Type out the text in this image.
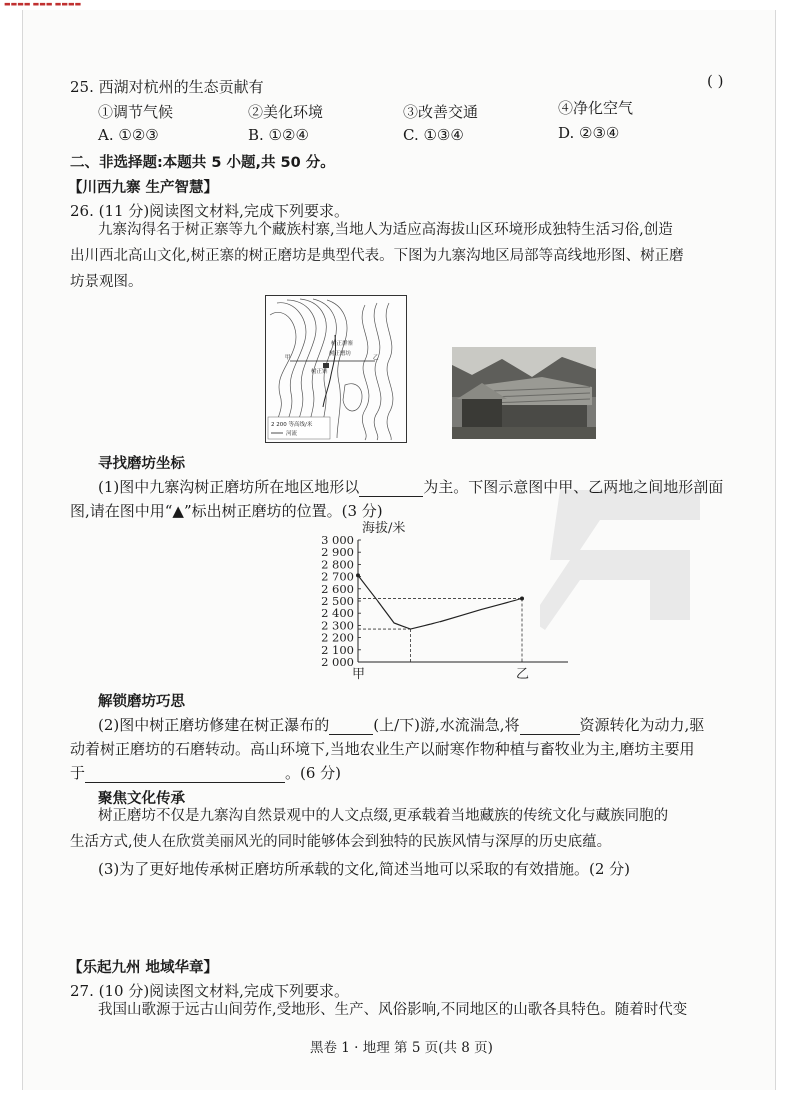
▬▬▬▬ ▬▬▬ ▬▬▬▬
25. 西湖对杭州的生态贡献有	( )
①调节气候	②美化环境	③改善交通	④净化空气
A. ①②③	B. ①②④	C. ①③④	D. ②③④
二、非选择题:本题共 5 小题,共 50 分。
【川西九寨 生产智慧】
26. (11 分)阅读图文材料,完成下列要求。
九寨沟得名于树正寨等九个藏族村寨,当地人为适应高海拔山区环境形成独特生活习俗,创造
出川西北高山文化,树正寨的树正磨坊是典型代表。下图为九寨沟地区局部等高线地形图、树正磨
坊景观图。
树正群寨
树正磨坊
树正寨
甲	乙
2 200 等高线/米
河流
寻找磨坊坐标
(1)图中九寨沟树正磨坊所在地区地形以	为主。下图示意图中甲、乙两地之间地形剖面
图,请在图中用“▲”标出树正磨坊的位置。(3 分)
3 000
2 900
2 800
2 700
2 600
2 500
2 400
2 300
2 200
2 100
2 000
海拔/米
甲	乙
解锁磨坊巧思
(2)图中树正磨坊修建在树正瀑布的	(上/下)游,水流湍急,将	资源转化为动力,驱
动着树正磨坊的石磨转动。高山环境下,当地农业生产以耐寒作物种植与畜牧业为主,磨坊主要用
于	。(6 分)
聚焦文化传承
树正磨坊不仅是九寨沟自然景观中的人文点缀,更承载着当地藏族的传统文化与藏族同胞的
生活方式,使人在欣赏美丽风光的同时能够体会到独特的民族风情与深厚的历史底蕴。
(3)为了更好地传承树正磨坊所承载的文化,简述当地可以采取的有效措施。(2 分)
【乐起九州 地域华章】
27. (10 分)阅读图文材料,完成下列要求。
我国山歌源于远古山间劳作,受地形、生产、风俗影响,不同地区的山歌各具特色。随着时代变
黑卷 1 · 地理 第 5 页(共 8 页)
